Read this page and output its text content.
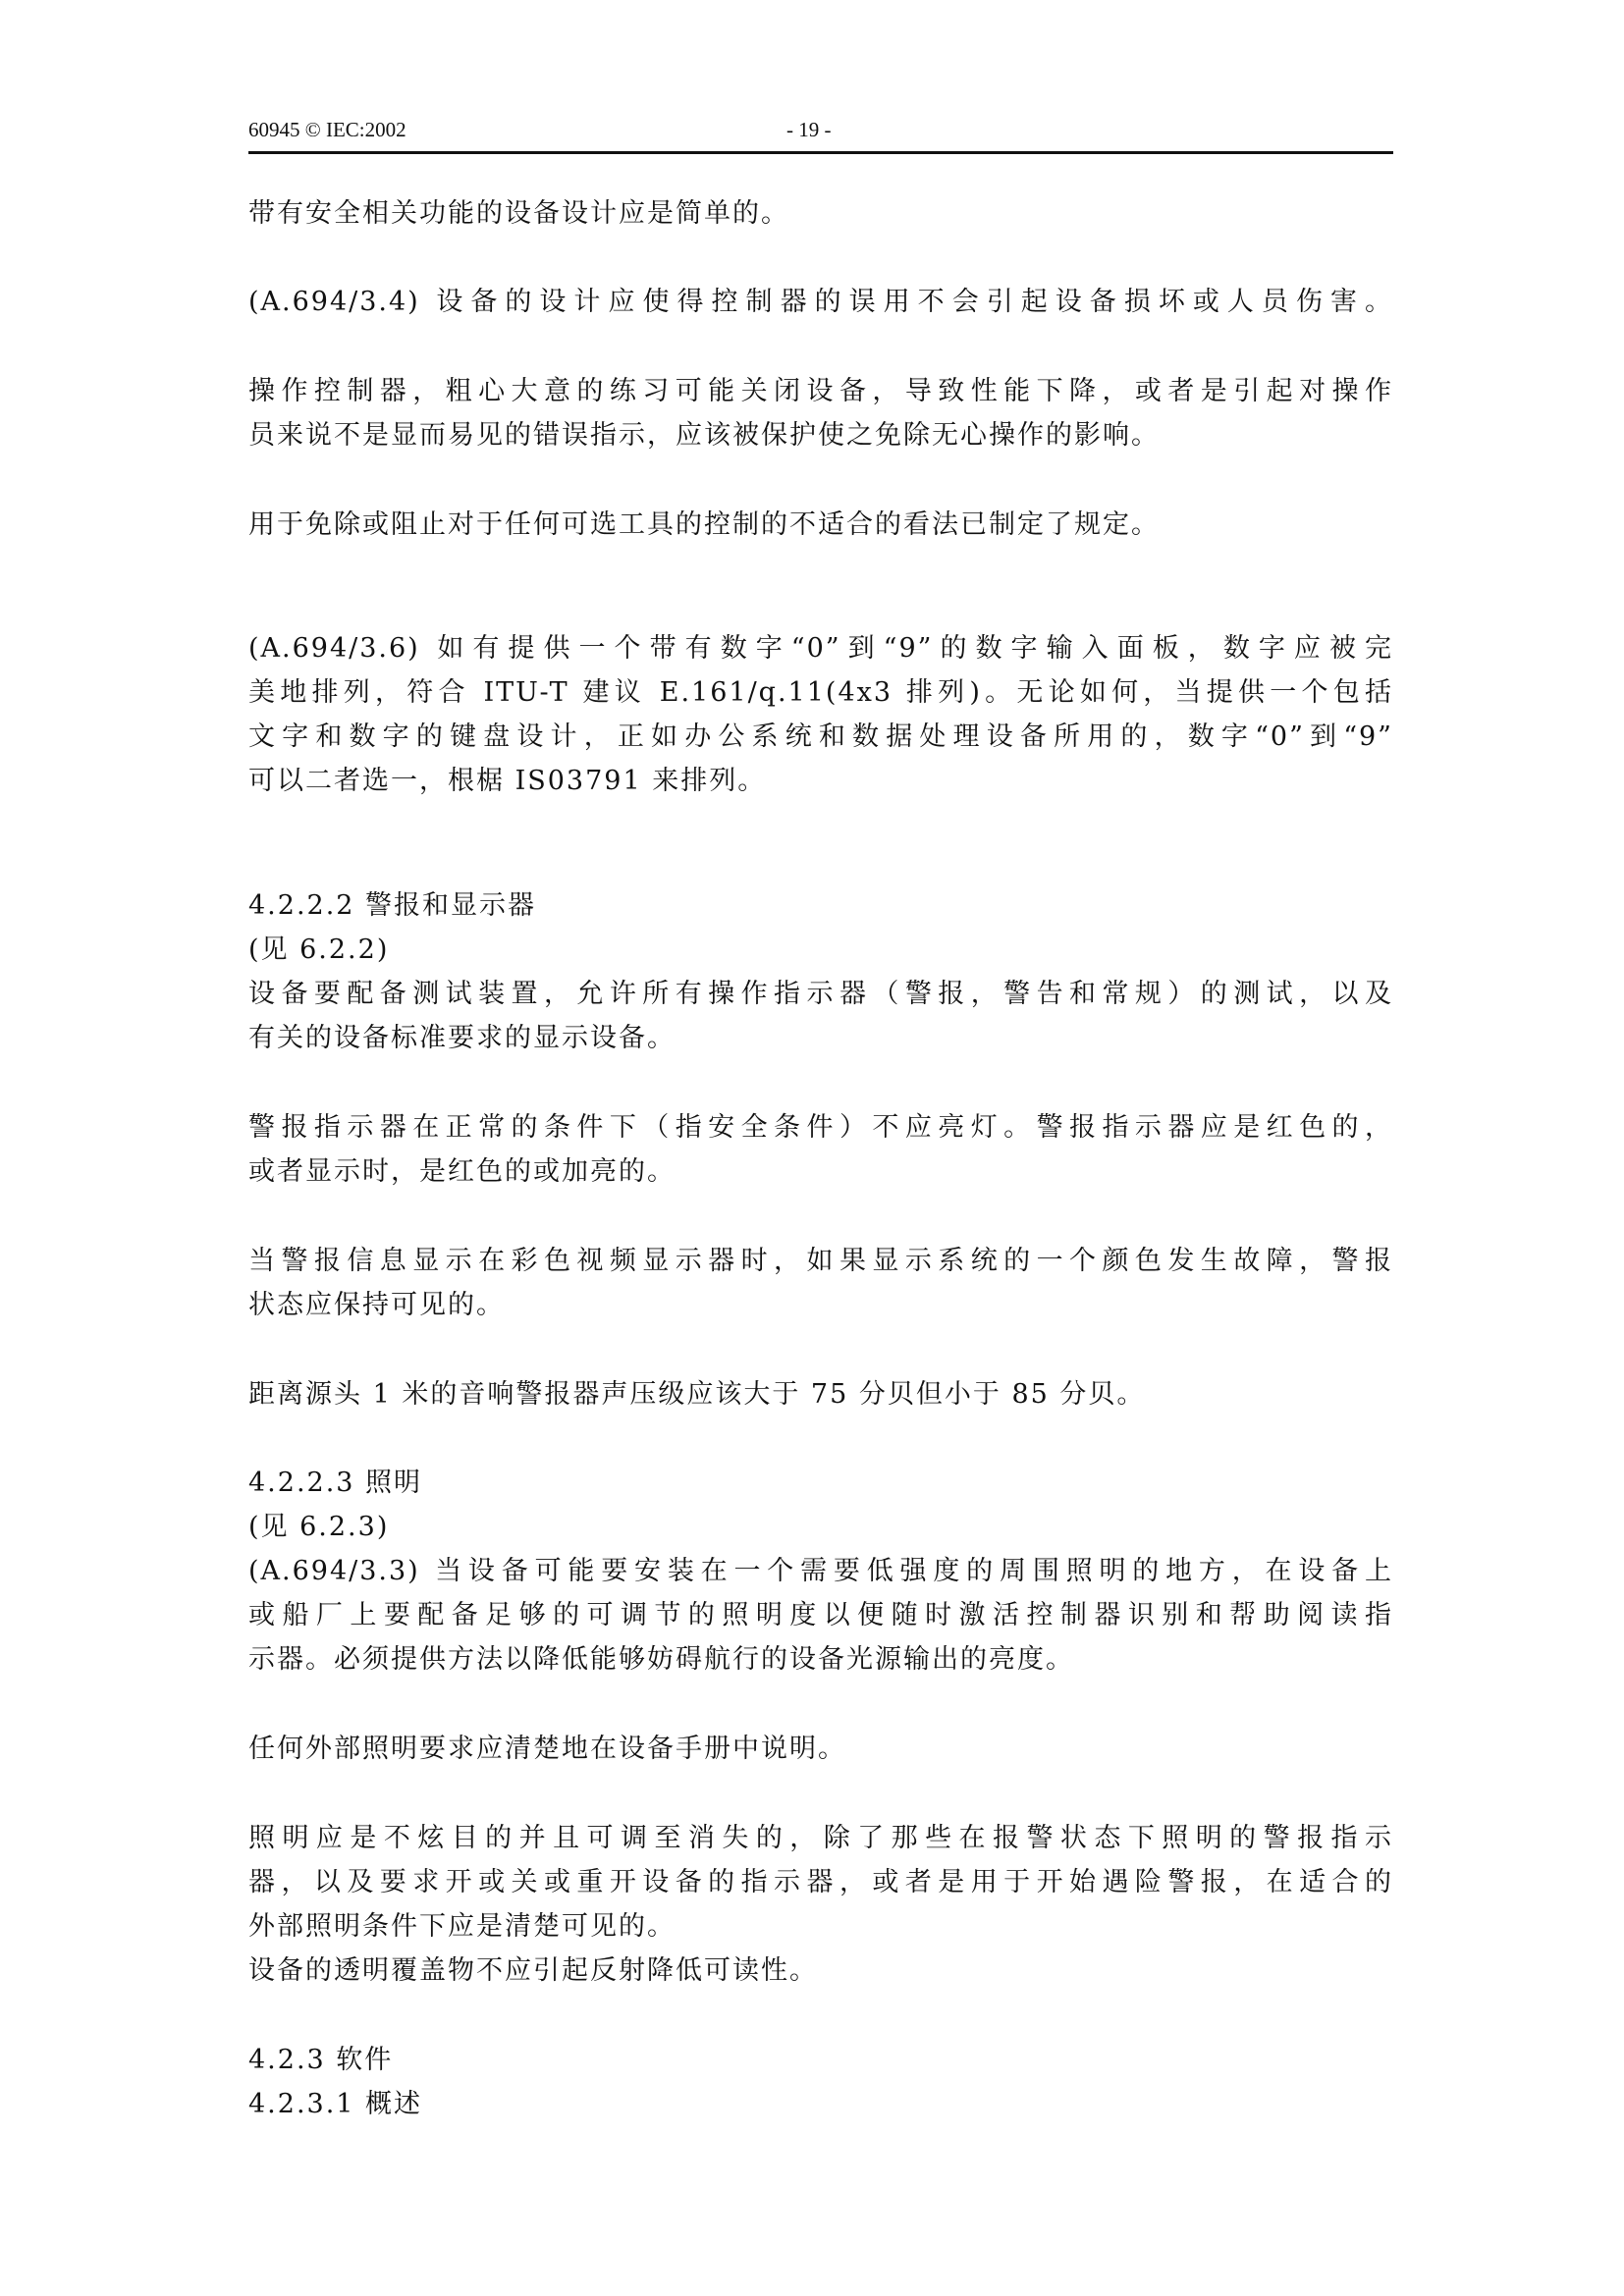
60945 © IEC:2002	- 19 -
带有安全相关功能的设备设计应是简单的。
(A.694/3.4) 设备的设计应使得控制器的误用不会引起设备损坏或人员伤害。
操作控制器，粗心大意的练习可能关闭设备，导致性能下降，或者是引起对操作
员来说不是显而易见的错误指示，应该被保护使之免除无心操作的影响。
用于免除或阻止对于任何可选工具的控制的不适合的看法已制定了规定。
(A.694/3.6) 如有提供一个带有数字“0”到“9”的数字输入面板，数字应被完
美地排列，符合 ITU-T 建议 E.161/q.11(4x3 排列)。无论如何，当提供一个包括
文字和数字的键盘设计，正如办公系统和数据处理设备所用的，数字“0”到“9”
可以二者选一，根椐 IS03791 来排列。
4.2.2.2 警报和显示器
(见 6.2.2)
设备要配备测试装置，允许所有操作指示器（警报，警告和常规）的测试，以及
有关的设备标准要求的显示设备。
警报指示器在正常的条件下（指安全条件）不应亮灯。警报指示器应是红色的，
或者显示时，是红色的或加亮的。
当警报信息显示在彩色视频显示器时，如果显示系统的一个颜色发生故障，警报
状态应保持可见的。
距离源头 1 米的音响警报器声压级应该大于 75 分贝但小于 85 分贝。
4.2.2.3 照明
(见 6.2.3)
(A.694/3.3) 当设备可能要安装在一个需要低强度的周围照明的地方，在设备上
或船厂上要配备足够的可调节的照明度以便随时激活控制器识别和帮助阅读指
示器。必须提供方法以降低能够妨碍航行的设备光源输出的亮度。
任何外部照明要求应清楚地在设备手册中说明。
照明应是不炫目的并且可调至消失的，除了那些在报警状态下照明的警报指示
器，以及要求开或关或重开设备的指示器，或者是用于开始遇险警报，在适合的
外部照明条件下应是清楚可见的。
设备的透明覆盖物不应引起反射降低可读性。
4.2.3 软件
4.2.3.1 概述
